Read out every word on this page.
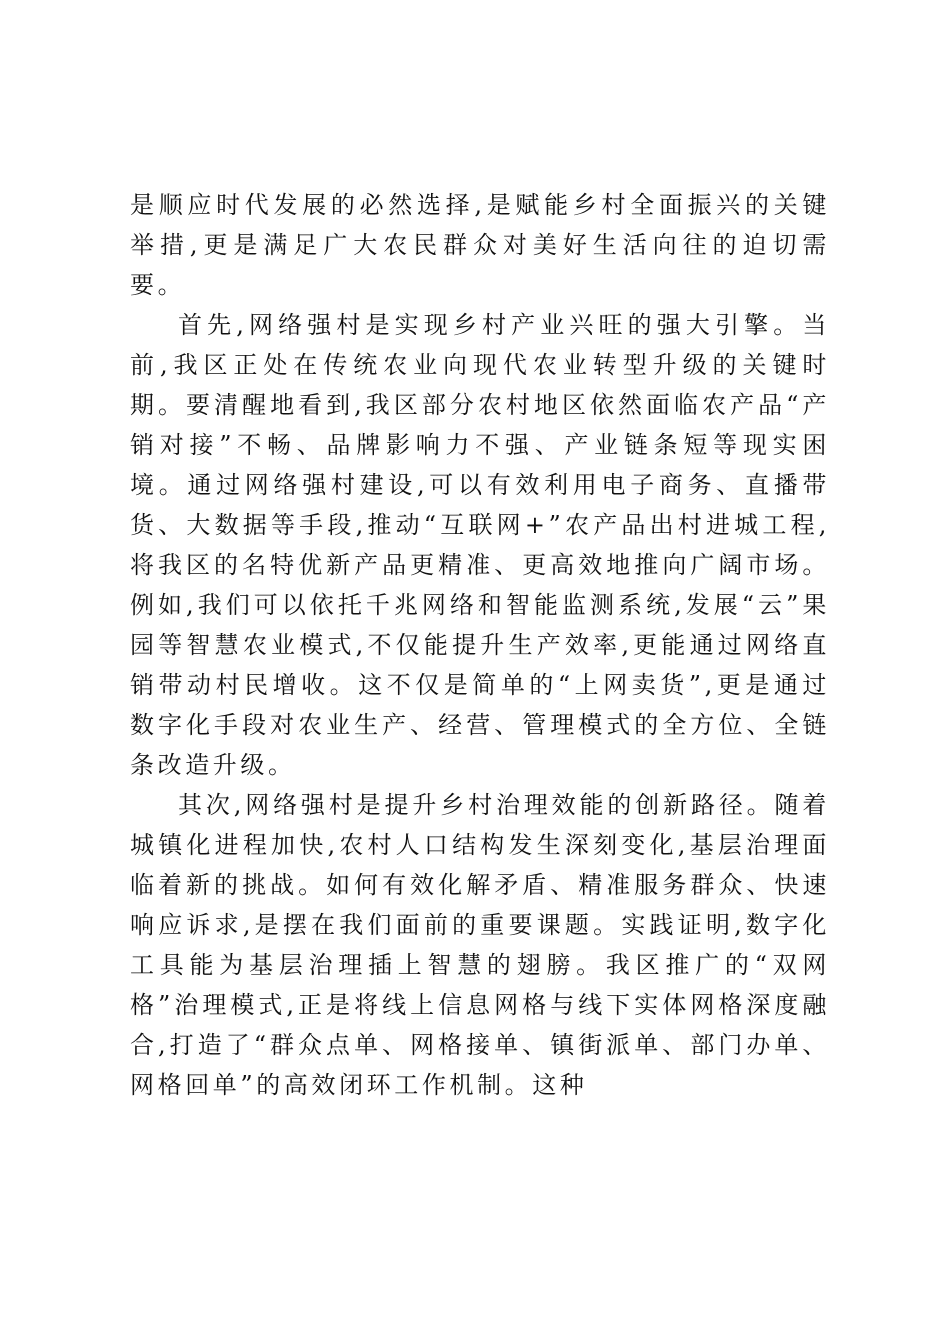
是顺应时代发展的必然选择,是赋能乡村全面振兴的关键举措,更是满足广大农民群众对美好生活向往的迫切需要。

首先,网络强村是实现乡村产业兴旺的强大引擎。当前,我区正处在传统农业向现代农业转型升级的关键时期。要清醒地看到,我区部分农村地区依然面临农产品“产销对接”不畅、品牌影响力不强、产业链条短等现实困境。通过网络强村建设,可以有效利用电子商务、直播带货、大数据等手段,推动“互联网+”农产品出村进城工程,将我区的名特优新产品更精准、更高效地推向广阔市场。例如,我们可以依托千兆网络和智能监测系统,发展“云”果园等智慧农业模式,不仅能提升生产效率,更能通过网络直销带动村民增收。这不仅是简单的“上网卖货”,更是通过数字化手段对农业生产、经营、管理模式的全方位、全链条改造升级。

其次,网络强村是提升乡村治理效能的创新路径。随着城镇化进程加快,农村人口结构发生深刻变化,基层治理面临着新的挑战。如何有效化解矛盾、精准服务群众、快速响应诉求,是摆在我们面前的重要课题。实践证明,数字化工具能为基层治理插上智慧的翅膀。我区推广的“双网格”治理模式,正是将线上信息网格与线下实体网格深度融合,打造了“群众点单、网格接单、镇街派单、部门办单、网格回单”的高效闭环工作机制。这种
